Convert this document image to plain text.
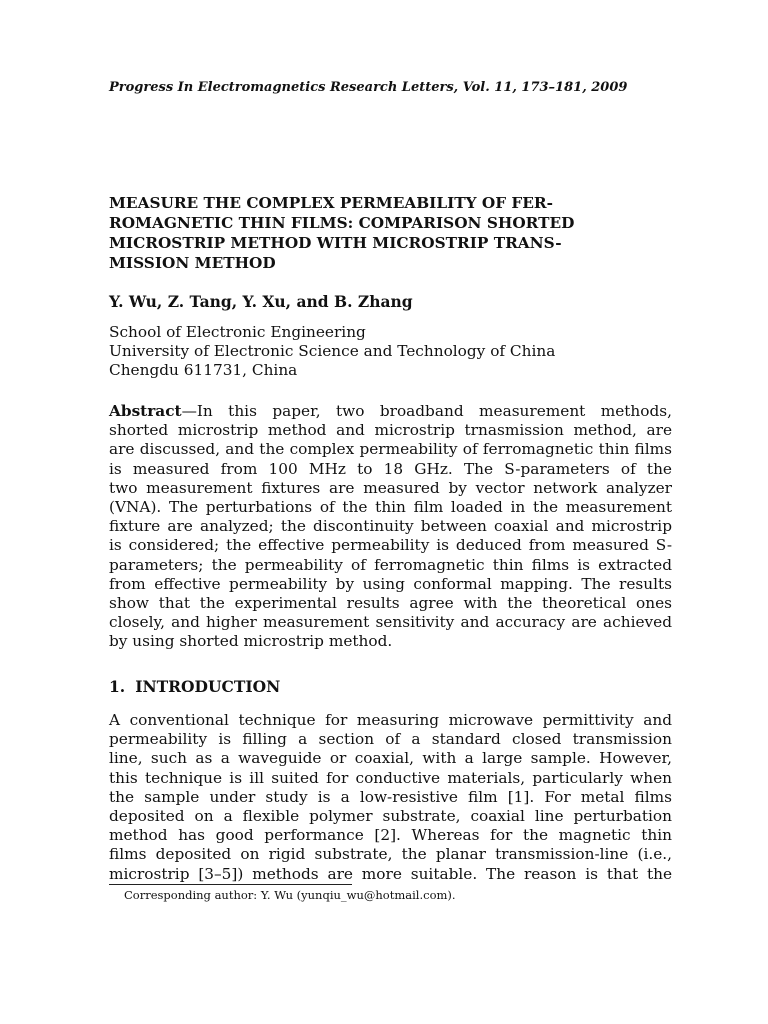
Progress In Electromagnetics Research Letters, Vol. 11, 173–181, 2009
MEASURE THE COMPLEX PERMEABILITY OF FER-
ROMAGNETIC THIN FILMS: COMPARISON SHORTED
MICROSTRIP METHOD WITH MICROSTRIP TRANS-
MISSION METHOD
Y. Wu, Z. Tang, Y. Xu, and B. Zhang
School of Electronic Engineering
University of Electronic Science and Technology of China
Chengdu 611731, China
Abstract—In this paper, two broadband measurement methods,
shorted microstrip method and microstrip trnasmission method, are
are discussed, and the complex permeability of ferromagnetic thin films
is measured from 100 MHz to 18 GHz. The S-parameters of the
two measurement fixtures are measured by vector network analyzer
(VNA). The perturbations of the thin film loaded in the measurement
fixture are analyzed; the discontinuity between coaxial and microstrip
is considered; the effective permeability is deduced from measured S-
parameters; the permeability of ferromagnetic thin films is extracted
from effective permeability by using conformal mapping. The results
show that the experimental results agree with the theoretical ones
closely, and higher measurement sensitivity and accuracy are achieved
by using shorted microstrip method.
1. INTRODUCTION
A conventional technique for measuring microwave permittivity and
permeability is filling a section of a standard closed transmission
line, such as a waveguide or coaxial, with a large sample. However,
this technique is ill suited for conductive materials, particularly when
the sample under study is a low-resistive film [1]. For metal films
deposited on a flexible polymer substrate, coaxial line perturbation
method has good performance [2]. Whereas for the magnetic thin
films deposited on rigid substrate, the planar transmission-line (i.e.,
microstrip [3–5]) methods are more suitable. The reason is that the
Corresponding author: Y. Wu (yunqiu_wu@hotmail.com).
